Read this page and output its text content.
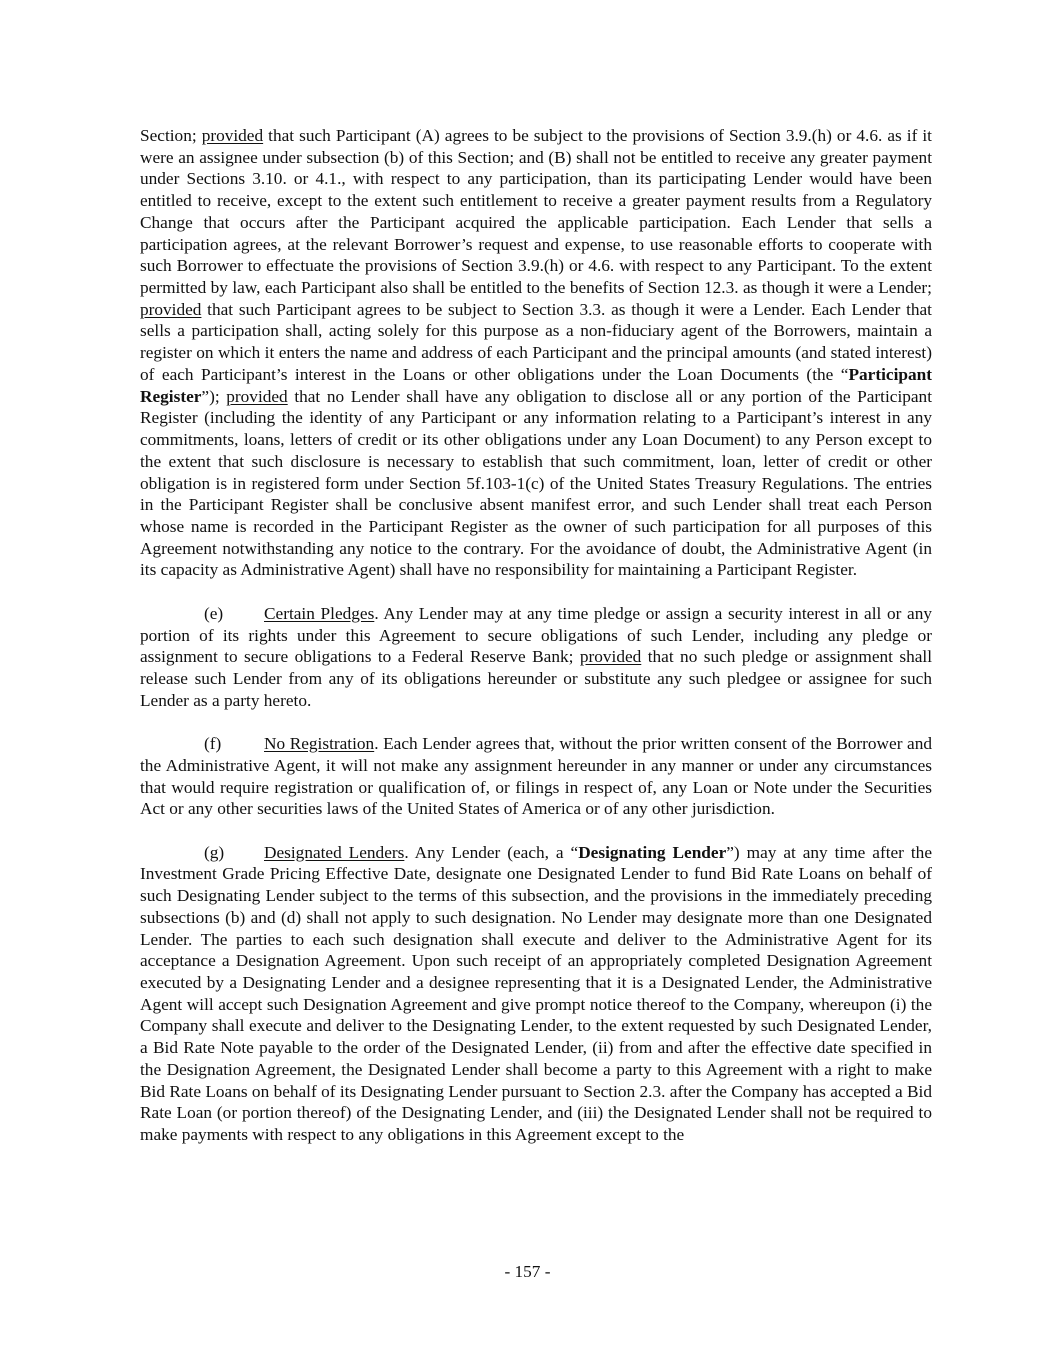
Section; provided that such Participant (A) agrees to be subject to the provisions of Section 3.9.(h) or 4.6. as if it were an assignee under subsection (b) of this Section; and (B) shall not be entitled to receive any greater payment under Sections 3.10. or 4.1., with respect to any participation, than its participating Lender would have been entitled to receive, except to the extent such entitlement to receive a greater payment results from a Regulatory Change that occurs after the Participant acquired the applicable participation. Each Lender that sells a participation agrees, at the relevant Borrower’s request and expense, to use reasonable efforts to cooperate with such Borrower to effectuate the provisions of Section 3.9.(h) or 4.6. with respect to any Participant. To the extent permitted by law, each Participant also shall be entitled to the benefits of Section 12.3. as though it were a Lender; provided that such Participant agrees to be subject to Section 3.3. as though it were a Lender. Each Lender that sells a participation shall, acting solely for this purpose as a non-fiduciary agent of the Borrowers, maintain a register on which it enters the name and address of each Participant and the principal amounts (and stated interest) of each Participant’s interest in the Loans or other obligations under the Loan Documents (the “Participant Register”); provided that no Lender shall have any obligation to disclose all or any portion of the Participant Register (including the identity of any Participant or any information relating to a Participant’s interest in any commitments, loans, letters of credit or its other obligations under any Loan Document) to any Person except to the extent that such disclosure is necessary to establish that such commitment, loan, letter of credit or other obligation is in registered form under Section 5f.103-1(c) of the United States Treasury Regulations. The entries in the Participant Register shall be conclusive absent manifest error, and such Lender shall treat each Person whose name is recorded in the Participant Register as the owner of such participation for all purposes of this Agreement notwithstanding any notice to the contrary. For the avoidance of doubt, the Administrative Agent (in its capacity as Administrative Agent) shall have no responsibility for maintaining a Participant Register.

(e) Certain Pledges. Any Lender may at any time pledge or assign a security interest in all or any portion of its rights under this Agreement to secure obligations of such Lender, including any pledge or assignment to secure obligations to a Federal Reserve Bank; provided that no such pledge or assignment shall release such Lender from any of its obligations hereunder or substitute any such pledgee or assignee for such Lender as a party hereto.

(f) No Registration. Each Lender agrees that, without the prior written consent of the Borrower and the Administrative Agent, it will not make any assignment hereunder in any manner or under any circumstances that would require registration or qualification of, or filings in respect of, any Loan or Note under the Securities Act or any other securities laws of the United States of America or of any other jurisdiction.

(g) Designated Lenders. Any Lender (each, a “Designating Lender”) may at any time after the Investment Grade Pricing Effective Date, designate one Designated Lender to fund Bid Rate Loans on behalf of such Designating Lender subject to the terms of this subsection, and the provisions in the immediately preceding subsections (b) and (d) shall not apply to such designation. No Lender may designate more than one Designated Lender. The parties to each such designation shall execute and deliver to the Administrative Agent for its acceptance a Designation Agreement. Upon such receipt of an appropriately completed Designation Agreement executed by a Designating Lender and a designee representing that it is a Designated Lender, the Administrative Agent will accept such Designation Agreement and give prompt notice thereof to the Company, whereupon (i) the Company shall execute and deliver to the Designating Lender, to the extent requested by such Designated Lender, a Bid Rate Note payable to the order of the Designated Lender, (ii) from and after the effective date specified in the Designation Agreement, the Designated Lender shall become a party to this Agreement with a right to make Bid Rate Loans on behalf of its Designating Lender pursuant to Section 2.3. after the Company has accepted a Bid Rate Loan (or portion thereof) of the Designating Lender, and (iii) the Designated Lender shall not be required to make payments with respect to any obligations in this Agreement except to the

- 157 -
